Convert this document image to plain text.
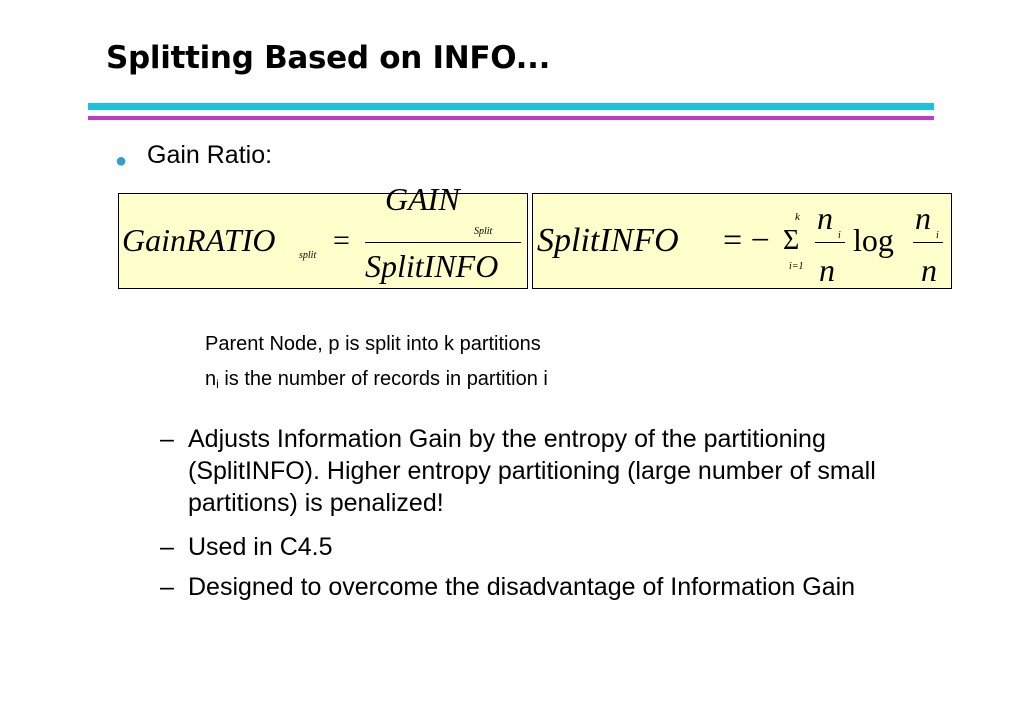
Splitting Based on INFO...
● Gain Ratio:
GainRATIO split =
GAIN
Split
SplitINFO
SplitINFO = −
k
Σ
i=1
n i
n
log
n i
n
Parent Node, p is split into k partitions
$n_i$ is the number of records in partition i
– Adjusts Information Gain by the entropy of the partitioning (SplitINFO). Higher entropy partitioning (large number of small partitions) is penalized!
– Used in C4.5
– Designed to overcome the disadvantage of Information Gain
